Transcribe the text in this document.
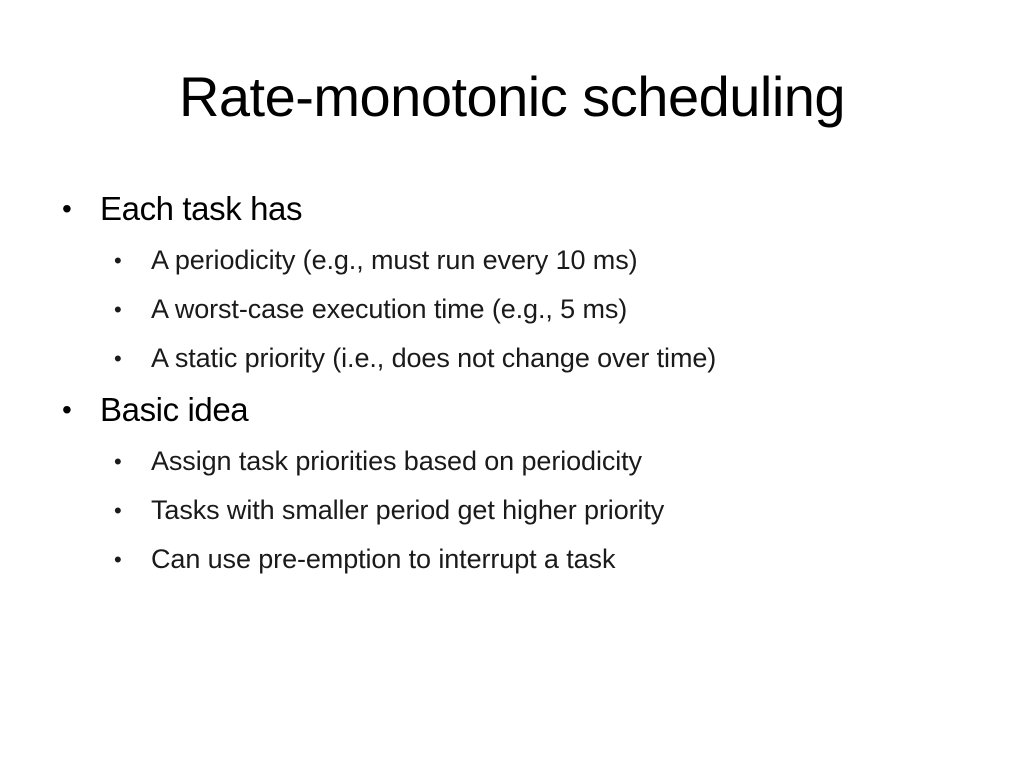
Rate-monotonic scheduling
• Each task has
• A periodicity (e.g., must run every 10 ms)
• A worst-case execution time (e.g., 5 ms)
• A static priority (i.e., does not change over time)
• Basic idea
• Assign task priorities based on periodicity
• Tasks with smaller period get higher priority
• Can use pre-emption to interrupt a task
